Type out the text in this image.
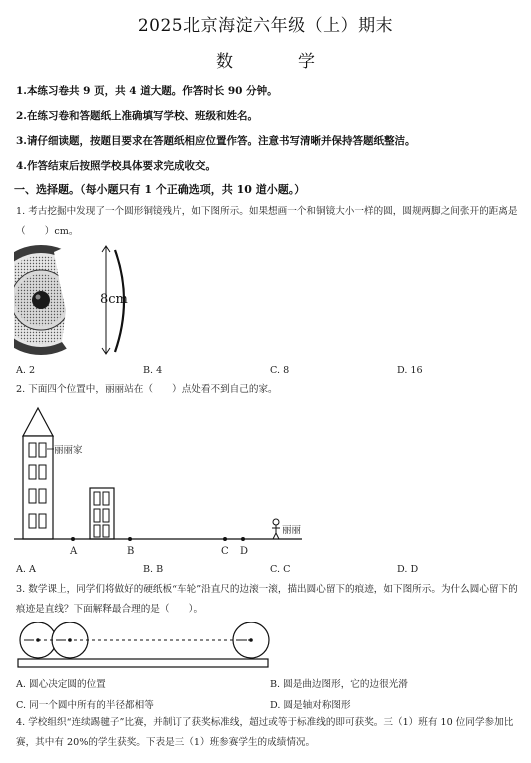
2025北京海淀六年级（上）期末
数　学
1.本练习卷共 9 页，共 4 道大题。作答时长 90 分钟。
2.在练习卷和答题纸上准确填写学校、班级和姓名。
3.请仔细读题，按题目要求在答题纸相应位置作答。注意书写清晰并保持答题纸整洁。
4.作答结束后按照学校具体要求完成收交。
一、选择题。（每小题只有 1 个正确选项，共 10 道小题。）
1. 考古挖掘中发现了一个圆形铜镜残片，如下图所示。如果想画一个和铜镜大小一样的圆，圆规两脚之间张开的距离是（　　）cm。
8cm
A. 2	B. 4	C. 8	D. 16
2. 下面四个位置中，丽丽站在（　　）点处看不到自己的家。
丽丽家
A	B	C D
丽丽
A. A	B. B	C. C	D. D
3. 数学课上，同学们将做好的硬纸板“车轮”沿直尺的边滚一滚，描出圆心留下的痕迹，如下图所示。为什么圆心留下的痕迹是直线？下面解释最合理的是（　　）。
A. 圆心决定圆的位置	B. 圆是曲边图形，它的边很光滑
C. 同一个圆中所有的半径都相等	D. 圆是轴对称图形
4. 学校组织“连续踢毽子”比赛，并制订了获奖标准线，超过或等于标准线的即可获奖。三（1）班有 10 位同学参加比赛，其中有 20%的学生获奖。下表是三（1）班参赛学生的成绩情况。
